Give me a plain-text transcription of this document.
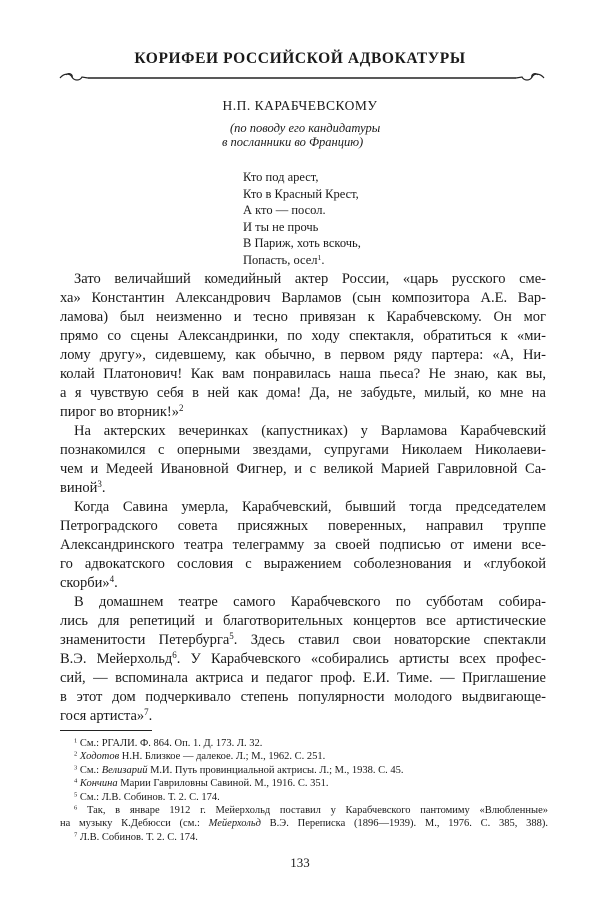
КОРИФЕИ РОССИЙСКОЙ АДВОКАТУРЫ
Н.П. КАРАБЧЕВСКОМУ
(по поводу его кандидатуры
в посланники во Францию)
Кто под арест,
Кто в Красный Крест,
А кто — посол.
И ты не прочь
В Париж, хоть вскочь,
Попасть, осел$^1$.
Зато величайший комедийный актер России, «царь русского сме-
ха» Константин Александрович Варламов (сын композитора А.Е. Вар-
ламова) был неизменно и тесно привязан к Карабчевскому. Он мог
прямо со сцены Александринки, по ходу спектакля, обратиться к «ми-
лому другу», сидевшему, как обычно, в первом ряду партера: «А, Ни-
колай Платонович! Как вам понравилась наша пьеса? Не знаю, как вы,
а я чувствую себя в ней как дома! Да, не забудьте, милый, ко мне на
пирог во вторник!»$^2$
На актерских вечеринках (капустниках) у Варламова Карабчевский
познакомился с оперными звездами, супругами Николаем Николаеви-
чем и Медеей Ивановной Фигнер, и с великой Марией Гавриловной Са-
виной$^3$.
Когда Савина умерла, Карабчевский, бывший тогда председателем
Петроградского совета присяжных поверенных, направил труппе
Александринского театра телеграмму за своей подписью от имени все-
го адвокатского сословия с выражением соболезнования и «глубокой
скорби»$^4$.
В домашнем театре самого Карабчевского по субботам собира-
лись для репетиций и благотворительных концертов все артистические
знаменитости Петербурга$^5$. Здесь ставил свои новаторские спектакли
В.Э. Мейерхольд$^6$. У Карабчевского «собирались артисты всех профес-
сий, — вспоминала актриса и педагог проф. Е.И. Тиме. — Приглашение
в этот дом подчеркивало степень популярности молодого выдвигающе-
гося артиста»$^7$.
$^1$ См.: РГАЛИ. Ф. 864. Оп. 1. Д. 173. Л. 32.
$^2$ Ходотов Н.Н. Близкое — далекое. Л.; М., 1962. С. 251.
$^3$ См.: Велизарий М.И. Путь провинциальной актрисы. Л.; М., 1938. С. 45.
$^4$ Кончина Марии Гавриловны Савиной. М., 1916. С. 351.
$^5$ См.: Л.В. Собинов. Т. 2. С. 174.
$^6$ Так, в январе 1912 г. Мейерхольд поставил у Карабчевского пантомиму «Влюбленные»
на музыку К.Дебюсси (см.: Мейерхольд В.Э. Переписка (1896—1939). М., 1976. С. 385, 388).
$^7$ Л.В. Собинов. Т. 2. С. 174.
133
